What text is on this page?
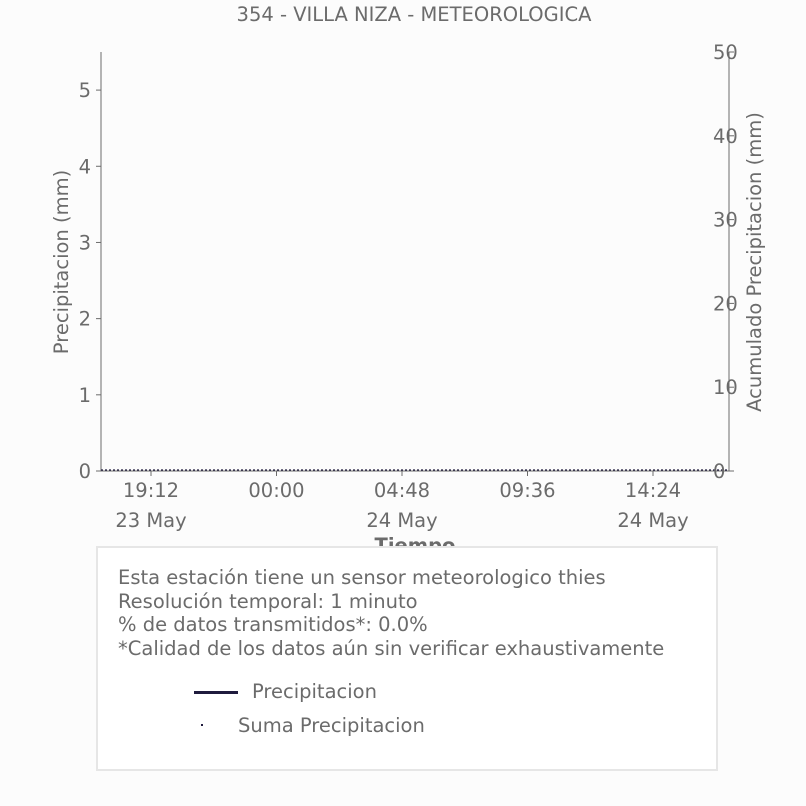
354 - VILLA NIZA - METEOROLOGICA
0
1
2
3
4
5
0
10
20
30
40
50
19:12
23 May
00:00	04:48
24 May
09:36	14:24
24 May
Precipitacion (mm)	Acumulado Precipitacion (mm)
Esta estación tiene un sensor meteorologico thies
Resolución temporal: 1 minuto
% de datos transmitidos*: 0.0%
*Calidad de los datos aún sin verificar exhaustivamente
Precipitacion
Suma Precipitacion
